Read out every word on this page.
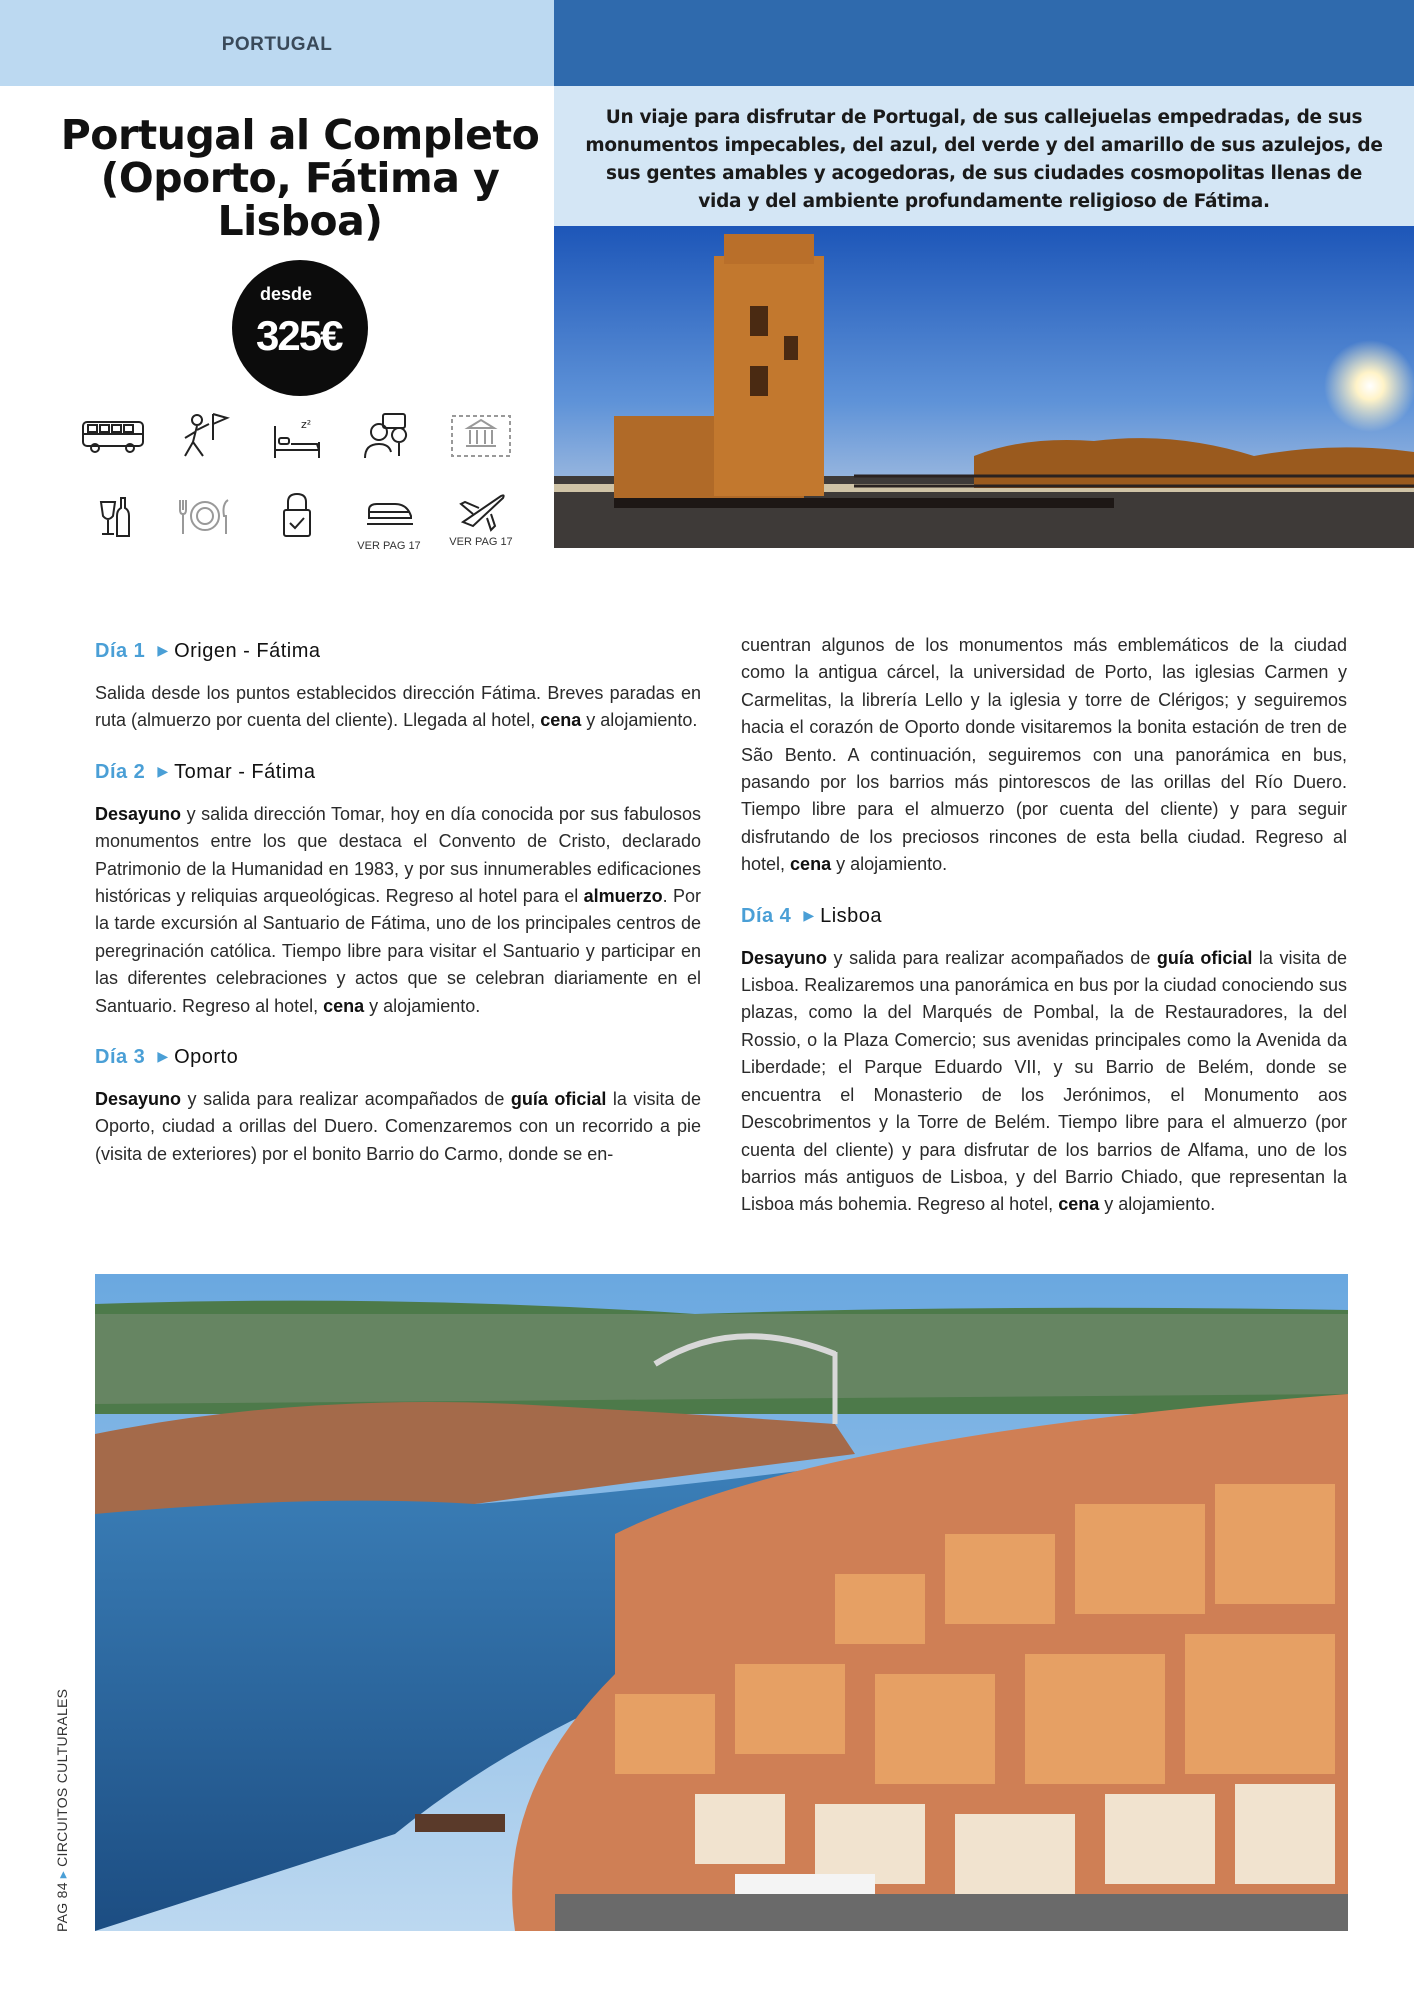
PORTUGAL
Portugal al Completo
(Oporto, Fátima y
Lisboa)
desde
325€
z²
VER PAG 17	VER PAG 17
Un viaje para disfrutar de Portugal, de sus callejuelas empedradas, de sus monumentos impecables, del azul, del verde y del amarillo de sus azulejos, de sus gentes amables y acogedoras, de sus ciudades cosmopolitas llenas de vida y del ambiente profundamente religioso de Fátima.
Día 1 ▶ Origen - Fátima
Salida desde los puntos establecidos dirección Fátima. Breves paradas en ruta (almuerzo por cuenta del cliente). Llegada al hotel, cena y alojamiento.
Día 2 ▶ Tomar - Fátima
Desayuno y salida dirección Tomar, hoy en día conocida por sus fabulosos monumentos entre los que destaca el Convento de Cristo, declarado Patrimonio de la Humanidad en 1983, y por sus innumerables edificaciones históricas y reliquias arqueológicas. Regreso al hotel para el almuerzo. Por la tarde excursión al Santuario de Fátima, uno de los principales centros de peregrinación católica. Tiempo libre para visitar el Santuario y participar en las diferentes celebraciones y actos que se celebran diariamente en el Santuario. Regreso al hotel, cena y alojamiento.
Día 3 ▶ Oporto
Desayuno y salida para realizar acompañados de guía oficial la visita de Oporto, ciudad a orillas del Duero. Comenzaremos con un recorrido a pie (visita de exteriores) por el bonito Barrio do Carmo, donde se en-
cuentran algunos de los monumentos más emblemáticos de la ciudad como la antigua cárcel, la universidad de Porto, las iglesias Carmen y Carmelitas, la librería Lello y la iglesia y torre de Clérigos; y seguiremos hacia el corazón de Oporto donde visitaremos la bonita estación de tren de São Bento. A continuación, seguiremos con una panorámica en bus, pasando por los barrios más pintorescos de las orillas del Río Duero. Tiempo libre para el almuerzo (por cuenta del cliente) y para seguir disfrutando de los preciosos rincones de esta bella ciudad. Regreso al hotel, cena y alojamiento.
Día 4 ▶ Lisboa
Desayuno y salida para realizar acompañados de guía oficial la visita de Lisboa. Realizaremos una panorámica en bus por la ciudad conociendo sus plazas, como la del Marqués de Pombal, la de Restauradores, la del Rossio, o la Plaza Comercio; sus avenidas principales como la Avenida da Liberdade; el Parque Eduardo VII, y su Barrio de Belém, donde se encuentra el Monasterio de los Jerónimos, el Monumento aos Descobrimentos y la Torre de Belém. Tiempo libre para el almuerzo (por cuenta del cliente) y para disfrutar de los barrios de Alfama, uno de los barrios más antiguos de Lisboa, y del Barrio Chiado, que representan la Lisboa más bohemia. Regreso al hotel, cena y alojamiento.
PAG 84▸CIRCUITOS CULTURALES
